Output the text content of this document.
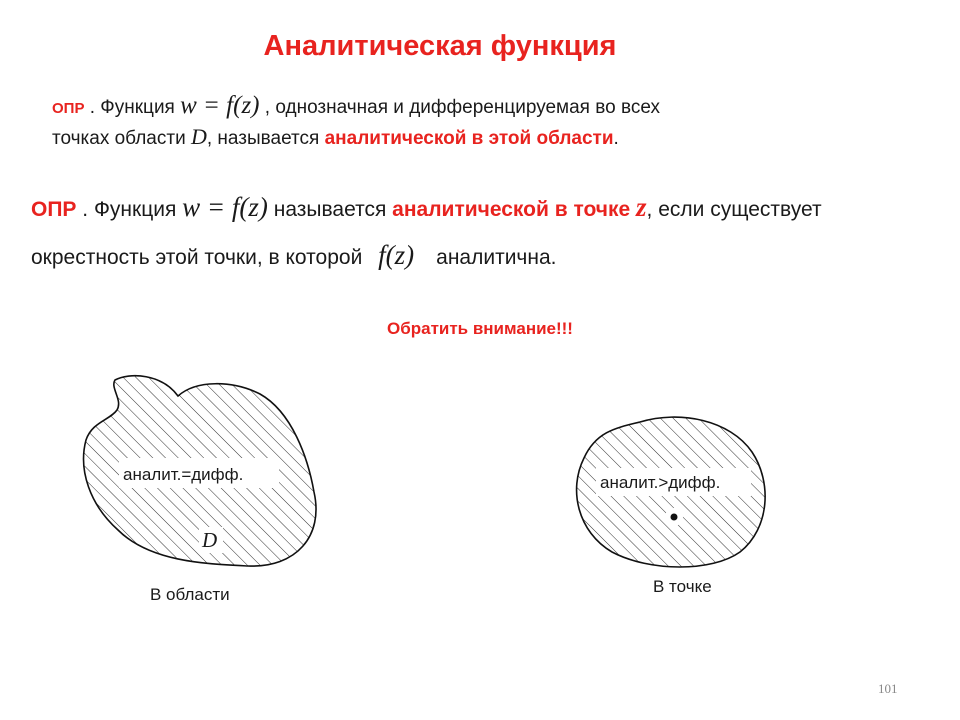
Аналитическая функция
ОПР . Функция w = f(z) , однозначная и дифференцируемая во всех
точках области D, называется аналитической в этой области.
ОПР . Функция w = f(z) называется аналитической в точке z, если существует
окрестность этой точки, в которой f(z) аналитична.
Обратить внимание!!!
аналит.=дифф.
D
аналит.>дифф.
В области	В точке
101
